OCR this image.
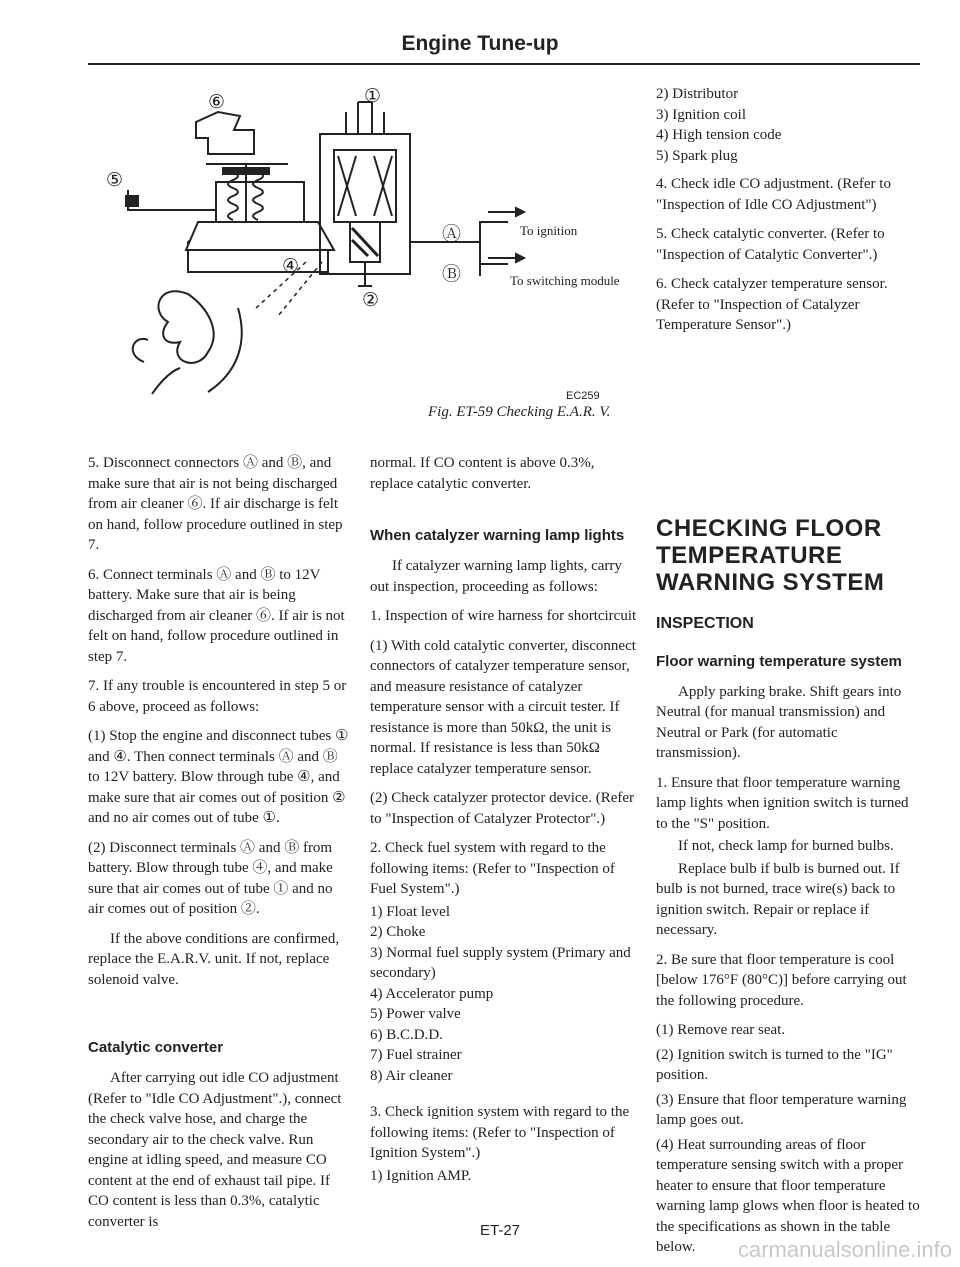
Engine Tune-up
⑥
⑤
④
①
②
Ⓐ
Ⓑ
To ignition
To switching module
EC259
Fig. ET-59 Checking E.A.R. V.

5. Disconnect connectors Ⓐ and Ⓑ, and make sure that air is not being discharged from air cleaner ⑥. If air discharge is felt on hand, follow procedure outlined in step 7.

6. Connect terminals Ⓐ and Ⓑ to 12V battery. Make sure that air is being discharged from air cleaner ⑥. If air is not felt on hand, follow procedure outlined in step 7.

7. If any trouble is encountered in step 5 or 6 above, proceed as follows:

(1) Stop the engine and disconnect tubes ① and ④. Then connect terminals Ⓐ and Ⓑ to 12V battery. Blow through tube ④, and make sure that air comes out of position ② and no air comes out of tube ①.

(2) Disconnect terminals Ⓐ and Ⓑ from battery. Blow through tube ④, and make sure that air comes out of tube ① and no air comes out of position ②.

If the above conditions are confirmed, replace the E.A.R.V. unit. If not, replace solenoid valve.

Catalytic converter

After carrying out idle CO adjustment (Refer to "Idle CO Adjustment".), connect the check valve hose, and charge the secondary air to the check valve. Run engine at idling speed, and measure CO content at the end of exhaust tail pipe. If CO content is less than 0.3%, catalytic converter is

normal. If CO content is above 0.3%, replace catalytic converter.

When catalyzer warning lamp lights

If catalyzer warning lamp lights, carry out inspection, proceeding as follows:

1. Inspection of wire harness for shortcircuit

(1) With cold catalytic converter, disconnect connectors of catalyzer temperature sensor, and measure resistance of catalyzer temperature sensor with a circuit tester. If resistance is more than 50kΩ, the unit is normal. If resistance is less than 50kΩ replace catalyzer temperature sensor.

(2) Check catalyzer protector device. (Refer to "Inspection of Catalyzer Protector".)

2. Check fuel system with regard to the following items: (Refer to "Inspection of Fuel System".)

1) Float level
2) Choke
3) Normal fuel supply system (Primary and secondary)
4) Accelerator pump
5) Power valve
6) B.C.D.D.
7) Fuel strainer
8) Air cleaner

3. Check ignition system with regard to the following items: (Refer to "Inspection of Ignition System".)

1) Ignition AMP.
2) Distributor
3) Ignition coil
4) High tension code
5) Spark plug

4. Check idle CO adjustment. (Refer to "Inspection of Idle CO Adjustment")

5. Check catalytic converter. (Refer to "Inspection of Catalytic Converter".)

6. Check catalyzer temperature sensor. (Refer to "Inspection of Catalyzer Temperature Sensor".)

CHECKING FLOOR TEMPERATURE WARNING SYSTEM
INSPECTION
Floor warning temperature system

Apply parking brake. Shift gears into Neutral (for manual transmission) and Neutral or Park (for automatic transmission).

1. Ensure that floor temperature warning lamp lights when ignition switch is turned to the "S" position.

If not, check lamp for burned bulbs.

Replace bulb if bulb is burned out. If bulb is not burned, trace wire(s) back to ignition switch. Repair or replace if necessary.

2. Be sure that floor temperature is cool [below 176°F (80°C)] before carrying out the following procedure.

(1) Remove rear seat.

(2) Ignition switch is turned to the "IG" position.

(3) Ensure that floor temperature warning lamp goes out.

(4) Heat surrounding areas of floor temperature sensing switch with a proper heater to ensure that floor temperature warning lamp glows when floor is heated to the specifications as shown in the table below.

ET-27
carmanualsonline.info
